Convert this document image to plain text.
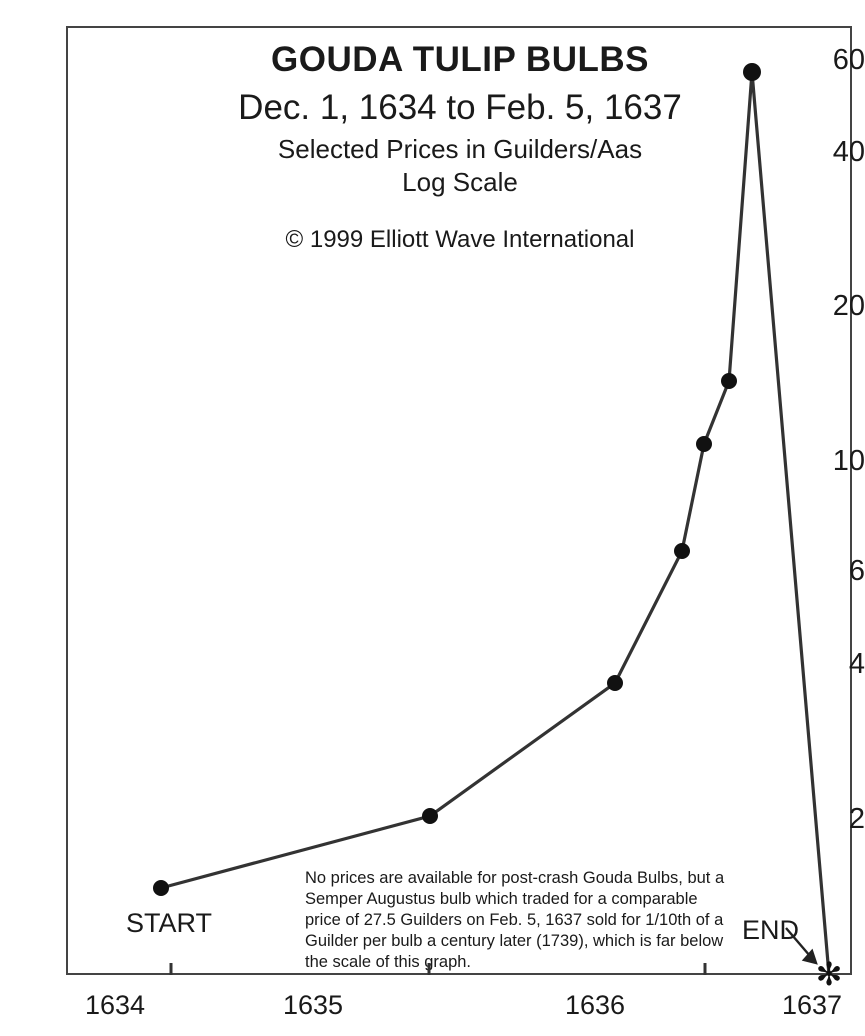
60
40
20
10
6
4
2
1634	1635	1636	1637
GOUDA TULIP BULBS
Dec. 1, 1634 to Feb. 5, 1637
Selected Prices in Guilders/Aas
Log Scale
© 1999 Elliott Wave International
START	END
No prices are available for post-crash Gouda Bulbs, but a Semper Augustus bulb which traded for a comparable price of 27.5 Guilders on Feb. 5, 1637 sold for 1/10th of a Guilder per bulb a century later (1739), which is far below the scale of this graph.	✻
